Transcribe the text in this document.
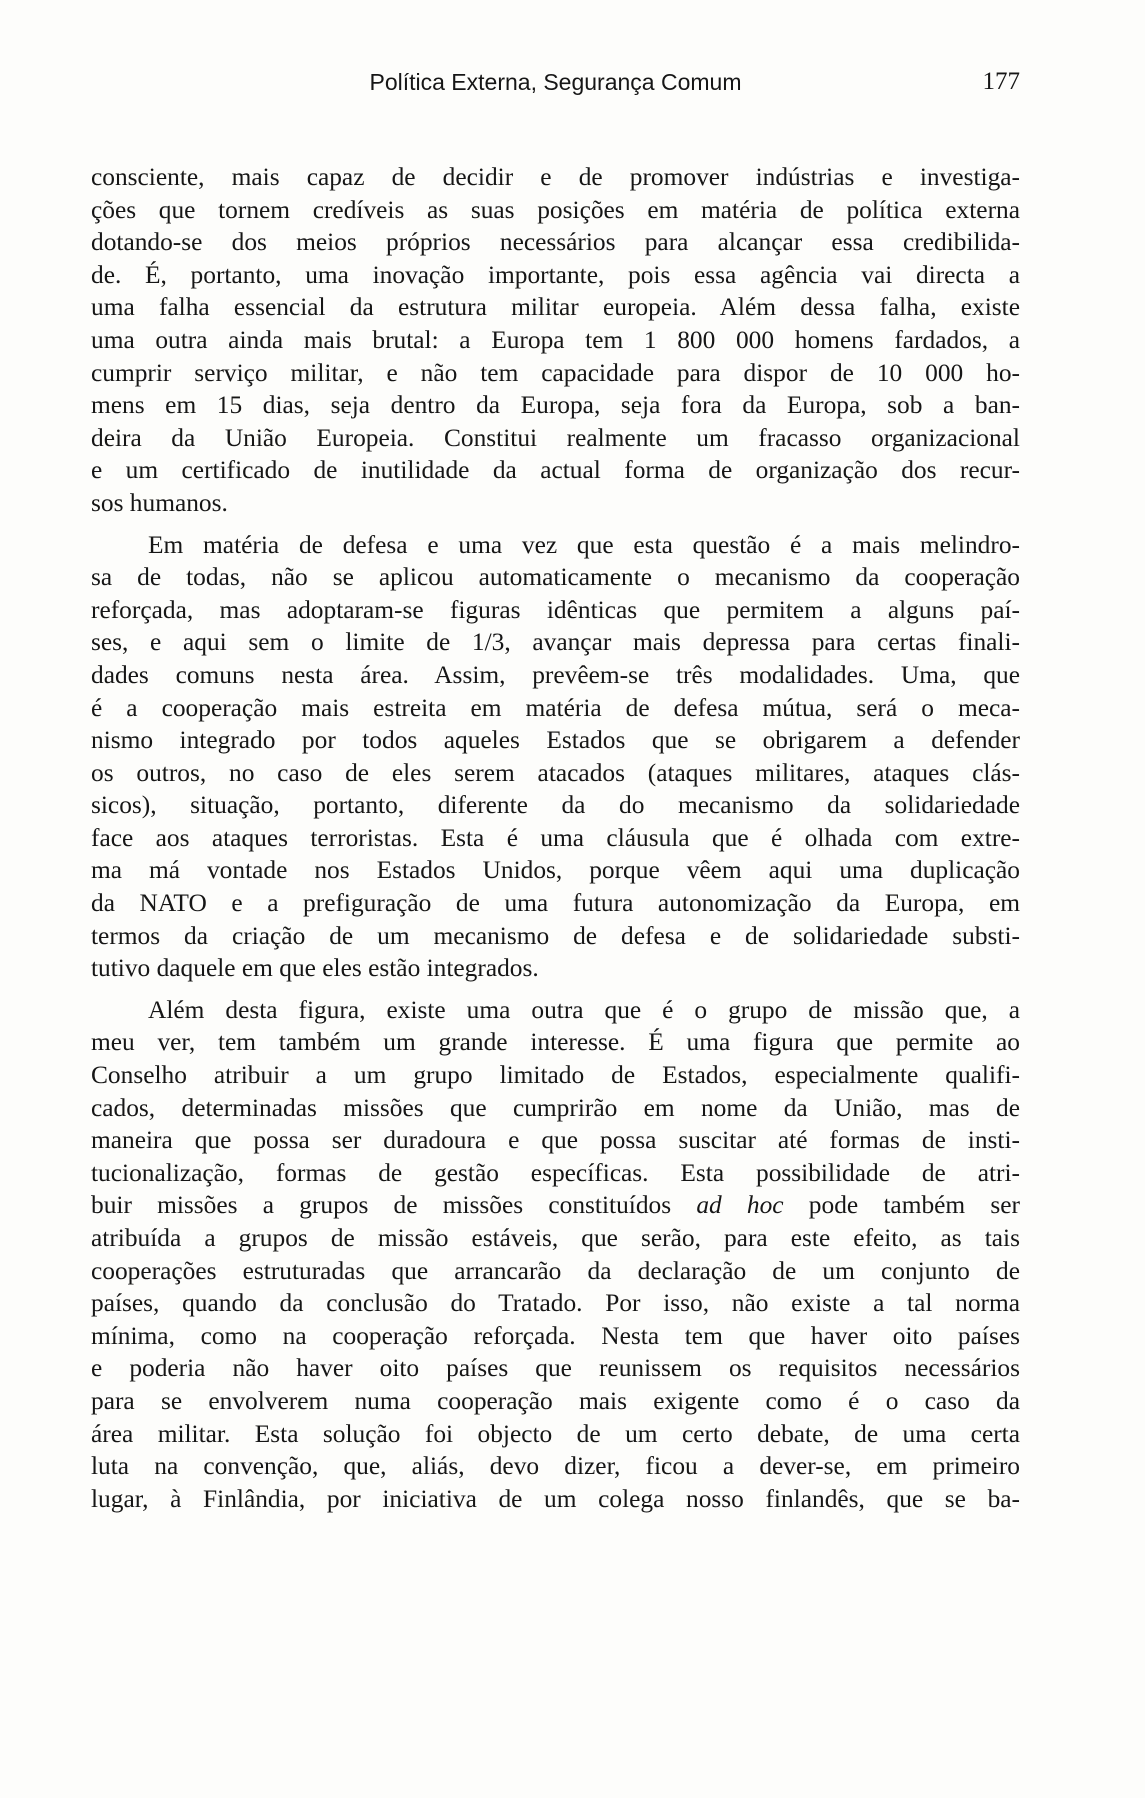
Política Externa, Segurança Comum	177

consciente, mais capaz de decidir e de promover indústrias e investiga-
ções que tornem credíveis as suas posições em matéria de política externa
dotando-se dos meios próprios necessários para alcançar essa credibilida-
de. É, portanto, uma inovação importante, pois essa agência vai directa a
uma falha essencial da estrutura militar europeia. Além dessa falha, existe
uma outra ainda mais brutal: a Europa tem 1 800 000 homens fardados, a
cumprir serviço militar, e não tem capacidade para dispor de 10 000 ho-
mens em 15 dias, seja dentro da Europa, seja fora da Europa, sob a ban-
deira da União Europeia. Constitui realmente um fracasso organizacional
e um certificado de inutilidade da actual forma de organização dos recur-
sos humanos.

Em matéria de defesa e uma vez que esta questão é a mais melindro-
sa de todas, não se aplicou automaticamente o mecanismo da cooperação
reforçada, mas adoptaram-se figuras idênticas que permitem a alguns paí-
ses, e aqui sem o limite de 1/3, avançar mais depressa para certas finali-
dades comuns nesta área. Assim, prevêem-se três modalidades. Uma, que
é a cooperação mais estreita em matéria de defesa mútua, será o meca-
nismo integrado por todos aqueles Estados que se obrigarem a defender
os outros, no caso de eles serem atacados (ataques militares, ataques clás-
sicos), situação, portanto, diferente da do mecanismo da solidariedade
face aos ataques terroristas. Esta é uma cláusula que é olhada com extre-
ma má vontade nos Estados Unidos, porque vêem aqui uma duplicação
da NATO e a prefiguração de uma futura autonomização da Europa, em
termos da criação de um mecanismo de defesa e de solidariedade substi-
tutivo daquele em que eles estão integrados.

Além desta figura, existe uma outra que é o grupo de missão que, a
meu ver, tem também um grande interesse. É uma figura que permite ao
Conselho atribuir a um grupo limitado de Estados, especialmente qualifi-
cados, determinadas missões que cumprirão em nome da União, mas de
maneira que possa ser duradoura e que possa suscitar até formas de insti-
tucionalização, formas de gestão específicas. Esta possibilidade de atri-
buir missões a grupos de missões constituídos ad hoc pode também ser
atribuída a grupos de missão estáveis, que serão, para este efeito, as tais
cooperações estruturadas que arrancarão da declaração de um conjunto de
países, quando da conclusão do Tratado. Por isso, não existe a tal norma
mínima, como na cooperação reforçada. Nesta tem que haver oito países
e poderia não haver oito países que reunissem os requisitos necessários
para se envolverem numa cooperação mais exigente como é o caso da
área militar. Esta solução foi objecto de um certo debate, de uma certa
luta na convenção, que, aliás, devo dizer, ficou a dever-se, em primeiro
lugar, à Finlândia, por iniciativa de um colega nosso finlandês, que se ba-
